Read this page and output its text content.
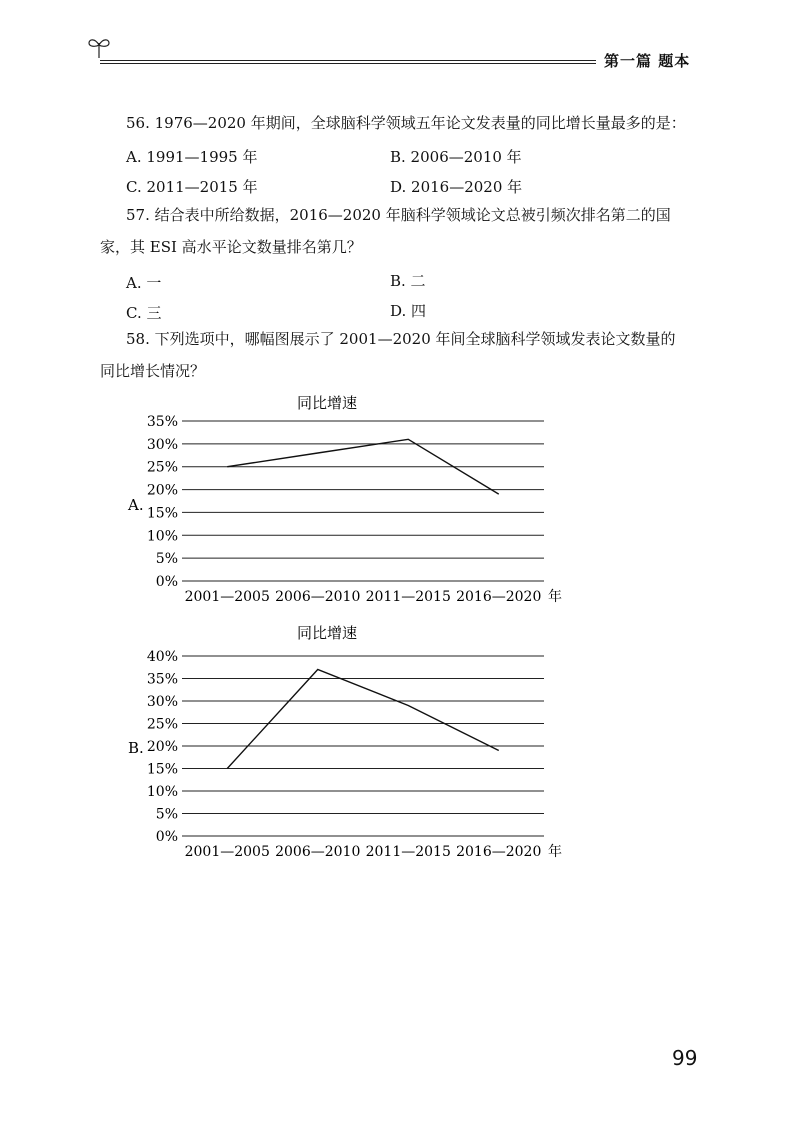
第一篇 题本
56. 1976—2020 年期间，全球脑科学领域五年论文发表量的同比增长量最多的是：
A. 1991—1995 年	B. 2006—2010 年
C. 2011—2015 年	D. 2016—2020 年
57. 结合表中所给数据，2016—2020 年脑科学领域论文总被引频次排名第二的国
家，其 ESI 高水平论文数量排名第几？
A. 一	B. 二
C. 三	D. 四
58. 下列选项中，哪幅图展示了 2001—2020 年间全球脑科学领域发表论文数量的
同比增长情况？
同比增速
A.
35%
30%
25%
20%
15%
10%
5%
0%
2001—2005 2006—2010 2011—2015 2016—2020 年
同比增速
B.
40%
35%
30%
25%
20%
15%
10%
5%
0%
2001—2005 2006—2010 2011—2015 2016—2020 年
99
